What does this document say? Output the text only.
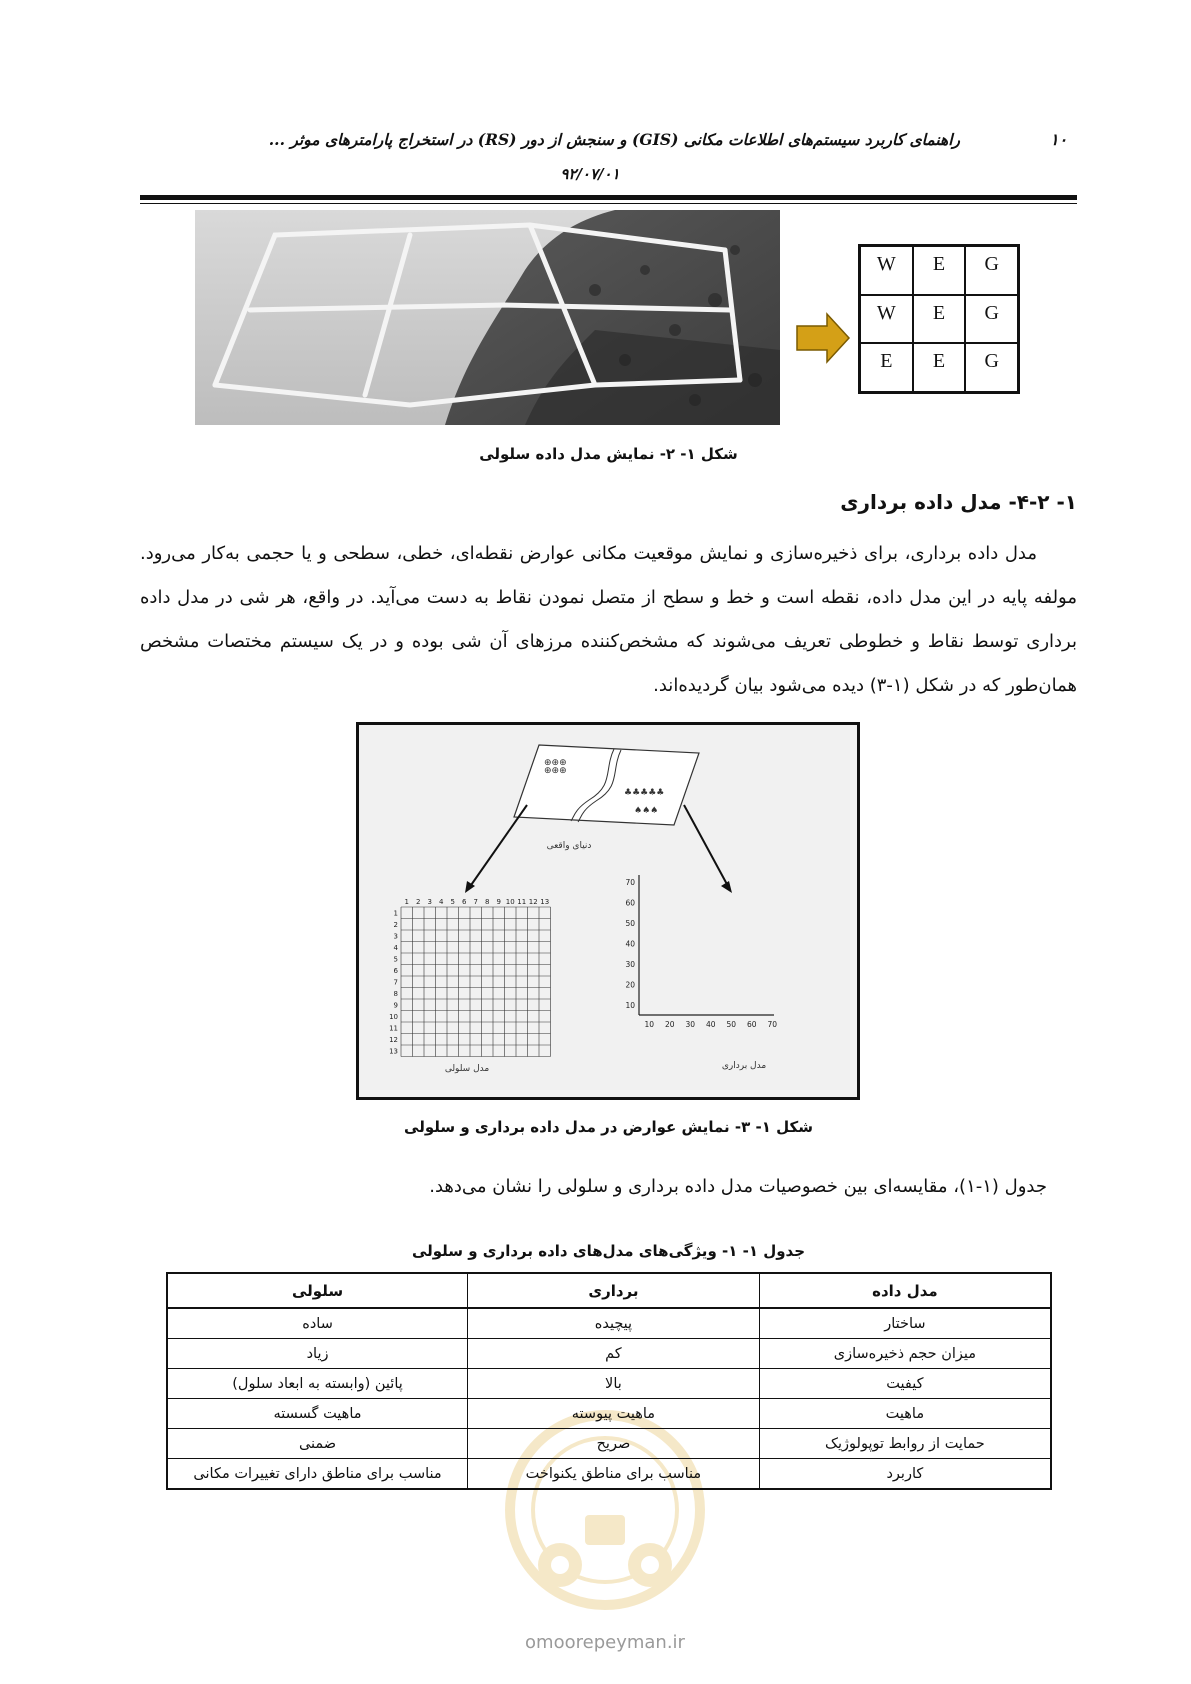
راهنمای کاربرد سیستم‌های اطلاعات مکانی (GIS) و سنجش از دور (RS) در استخراج پارامترهای موثر ...	۱۰
۹۲/۰۷/۰۱
W	E	G
W	E	G
E	E	G
شکل ۱- ۲- نمایش مدل داده سلولی
۱- ۴-۲- مدل داده برداری

مدل داده برداری، برای ذخیره‌سازی و نمایش موقعیت مکانی عوارض نقطه‌ای، خطی، سطحی و یا حجمی به‌کار می‌رود. مولفه پایه در این مدل داده، نقطه است و خط و سطح از متصل نمودن نقاط به دست می‌آید. در واقع، هر شی در مدل داده برداری توسط نقاط و خطوطی تعریف می‌شوند که مشخص‌کننده مرزهای آن شی بوده و در یک سیستم مختصات مشخص همان‌طور که در شکل (۱-۳) دیده می‌شود بیان گردیده‌اند.

⊕⊕⊕
⊕⊕⊕
♣♣♣♣♣
♠♠♠
دنیای واقعی
1 2 3 4 5 6 7 8 9 10 11 12 13
1
2
3
4
5
6
7
8
9
10
11
12
13
مدل سلولی
10 20 30 40 50 60 70
70
60
50
40
30
20
10
مدل برداری
شکل ۱- ۳- نمایش عوارض در مدل داده برداری و سلولی
جدول (۱-۱)، مقایسه‌ای بین خصوصیات مدل داده برداری و سلولی را نشان می‌دهد.
جدول ۱- ۱- ویژگی‌های مدل‌های داده برداری و سلولی
مدل داده	برداری	سلولی
ساختار	پیچیده	ساده
میزان حجم ذخیره‌سازی	کم	زیاد
کیفیت	بالا	پائین (وابسته به ابعاد سلول)
ماهیت	ماهیت پیوسته	ماهیت گسسته
حمایت از روابط توپولوژیک	صریح	ضمنی
کاربرد	مناسب برای مناطق یکنواخت	مناسب برای مناطق دارای تغییرات مکانی
omoorepeyman.ir
